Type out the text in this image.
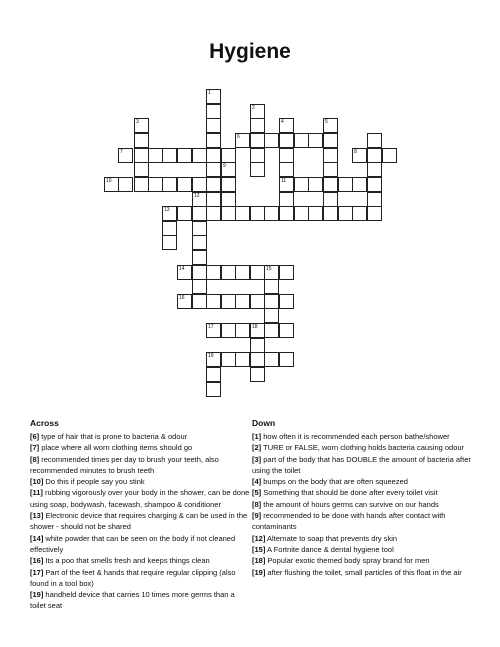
Hygiene
1
2
3	4
11
5
6
7	8
9
10
12
13
14	15
16
17	18
19
Across

[6] type of hair that is prone to bacteria & odour

[7] place where all worn clothing items should go

[8] recommended times per day to brush your teeth, also recommended minutes to brush teeth

[10] Do this if people say you stink

[11] rubbing vigorously over your body in the shower, can be done using soap, bodywash, facewash, shampoo & conditioner

[13] Electronic device that requires charging & can be used in the shower - should not be shared

[14] white powder that can be seen on the body if not cleaned effectively

[16] Its a poo that smells fresh and keeps things clean

[17] Part of the feet & hands that require regular clipping (also found in a tool box)

[19] handheld device that carries 10 times more germs than a toilet seat

Down

[1] how often it is recommended each person bathe/shower

[2] TURE or FALSE, worn clothing holds bacteria causing odour

[3] part of the body that has DOUBLE the amount of bacteria after using the toilet

[4] bumps on the body that are often squeezed

[5] Something that should be done after every toilet visit

[8] the amount of hours germs can survive on our hands

[9] recommended to be done with hands after contact with contaminants

[12] Alternate to soap that prevents dry skin

[15] A Fortnite dance & dental hygiene tool

[18] Popular exotic themed body spray brand for men

[19] after flushing the toilet, small particles of this float in the air
